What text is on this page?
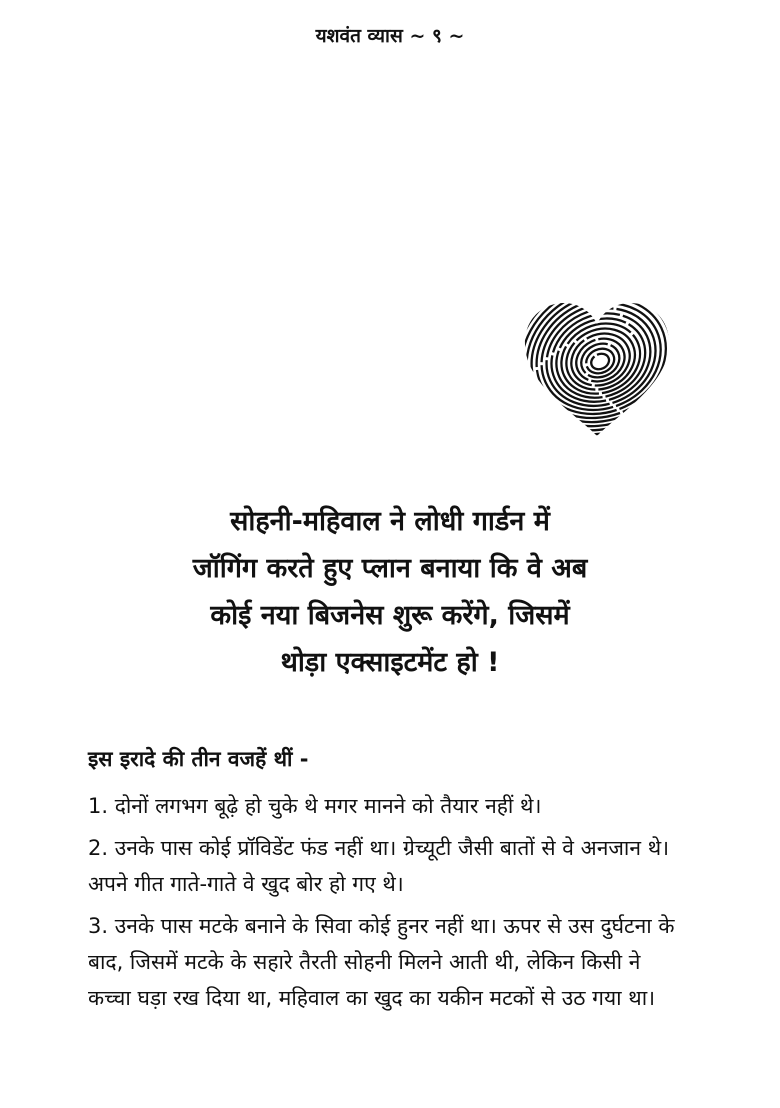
यशवंत व्यास ~ ९ ~
सोहनी-महिवाल ने लोधी गार्डन में
जॉगिंग करते हुए प्लान बनाया कि वे अब
कोई नया बिजनेस शुरू करेंगे, जिसमें
थोड़ा एक्साइटमेंट हो !
इस इरादे की तीन वजहें थीं -
1. दोनों लगभग बूढ़े हो चुके थे मगर मानने को तैयार नहीं थे।
2. उनके पास कोई प्रॉविडेंट फंड नहीं था। ग्रेच्यूटी जैसी बातों से वे अनजान थे। अपने गीत गाते-गाते वे खुद बोर हो गए थे।
3. उनके पास मटके बनाने के सिवा कोई हुनर नहीं था। ऊपर से उस दुर्घटना के बाद, जिसमें मटके के सहारे तैरती सोहनी मिलने आती थी, लेकिन किसी ने कच्चा घड़ा रख दिया था, महिवाल का खुद का यकीन मटकों से उठ गया था।
